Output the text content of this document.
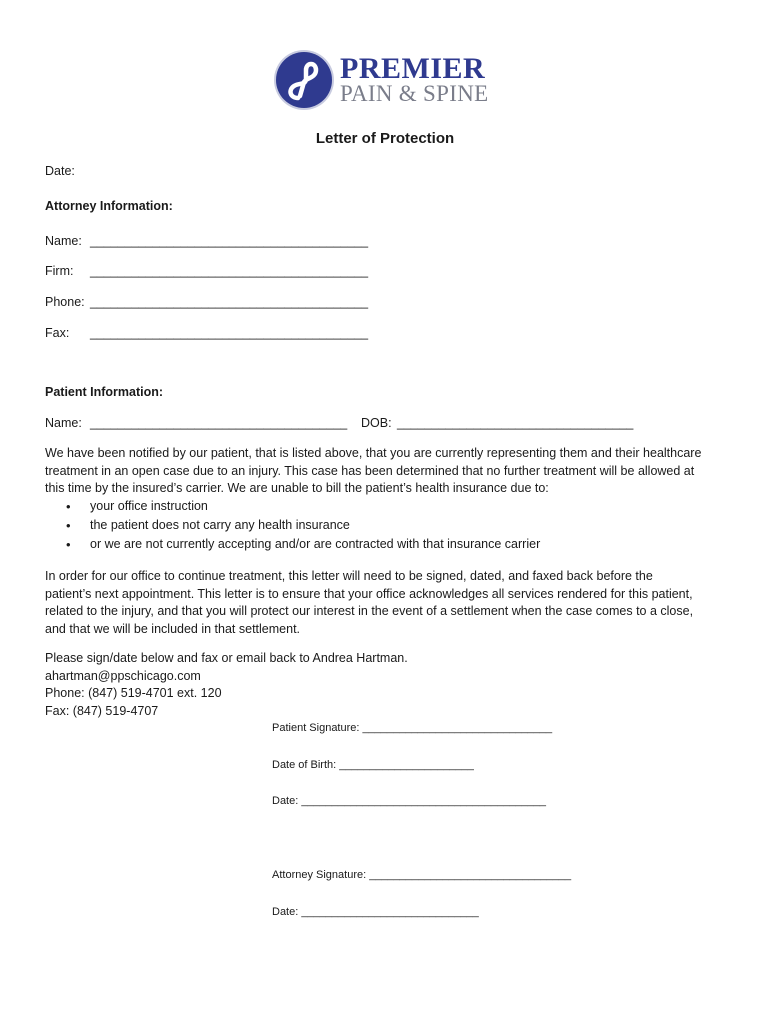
PREMIER
PAIN & SPINE
Letter of Protection
Date:
Attorney Information:
Name: ________________________________________
Firm: ________________________________________
Phone: ________________________________________
Fax: ________________________________________
Patient Information:
Name: _____________________________________ DOB: __________________________________
We have been notified by our patient, that is listed above, that you are currently representing them and their healthcare
treatment in an open case due to an injury. This case has been determined that no further treatment will be allowed at
this time by the insured’s carrier. We are unable to bill the patient’s health insurance due to:
• your office instruction
• the patient does not carry any health insurance
• or we are not currently accepting and/or are contracted with that insurance carrier
In order for our office to continue treatment, this letter will need to be signed, dated, and faxed back before the
patient’s next appointment. This letter is to ensure that your office acknowledges all services rendered for this patient,
related to the injury, and that you will protect our interest in the event of a settlement when the case comes to a close,
and that we will be included in that settlement.
Please sign/date below and fax or email back to Andrea Hartman.
ahartman@ppschicago.com
Phone: (847) 519-4701 ext. 120
Fax: (847) 519-4707
Patient Signature: _______________________________
Date of Birth: ______________________
Date: ________________________________________
Attorney Signature: _________________________________
Date: _____________________________
